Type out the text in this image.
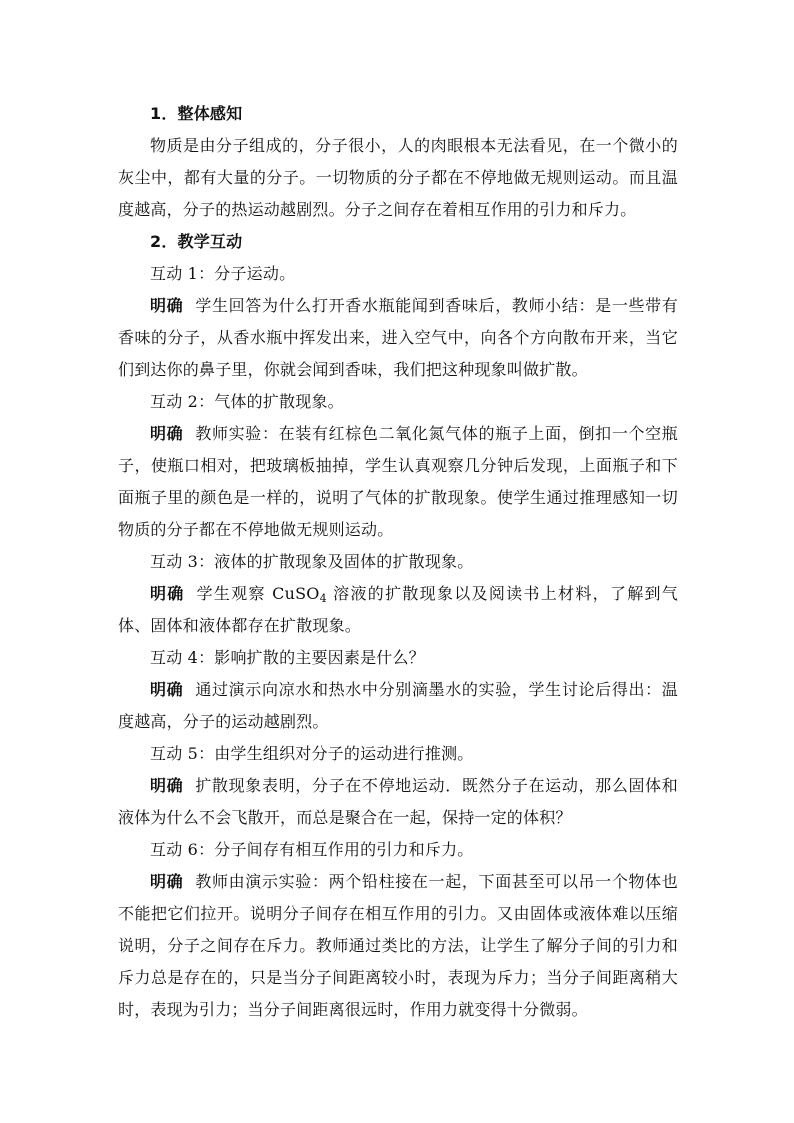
1．整体感知

物质是由分子组成的，分子很小，人的肉眼根本无法看见，在一个微小的灰尘中，都有大量的分子。一切物质的分子都在不停地做无规则运动。而且温度越高，分子的热运动越剧烈。分子之间存在着相互作用的引力和斥力。

2．教学互动

互动 1：分子运动。

明确 学生回答为什么打开香水瓶能闻到香味后，教师小结：是一些带有香味的分子，从香水瓶中挥发出来，进入空气中，向各个方向散布开来，当它们到达你的鼻子里，你就会闻到香味，我们把这种现象叫做扩散。

互动 2：气体的扩散现象。

明确 教师实验：在装有红棕色二氧化氮气体的瓶子上面，倒扣一个空瓶子，使瓶口相对，把玻璃板抽掉，学生认真观察几分钟后发现，上面瓶子和下面瓶子里的颜色是一样的，说明了气体的扩散现象。使学生通过推理感知一切物质的分子都在不停地做无规则运动。

互动 3：液体的扩散现象及固体的扩散现象。

明确 学生观察 CuSO$_4$ 溶液的扩散现象以及阅读书上材料，了解到气体、固体和液体都存在扩散现象。

互动 4：影响扩散的主要因素是什么？

明确 通过演示向凉水和热水中分别滴墨水的实验，学生讨论后得出：温度越高，分子的运动越剧烈。

互动 5：由学生组织对分子的运动进行推测。

明确 扩散现象表明，分子在不停地运动．既然分子在运动，那么固体和液体为什么不会飞散开，而总是聚合在一起，保持一定的体积？

互动 6：分子间存有相互作用的引力和斥力。

明确 教师由演示实验：两个铅柱接在一起，下面甚至可以吊一个物体也不能把它们拉开。说明分子间存在相互作用的引力。又由固体或液体难以压缩说明，分子之间存在斥力。教师通过类比的方法，让学生了解分子间的引力和斥力总是存在的，只是当分子间距离较小时，表现为斥力；当分子间距离稍大时，表现为引力；当分子间距离很远时，作用力就变得十分微弱。
